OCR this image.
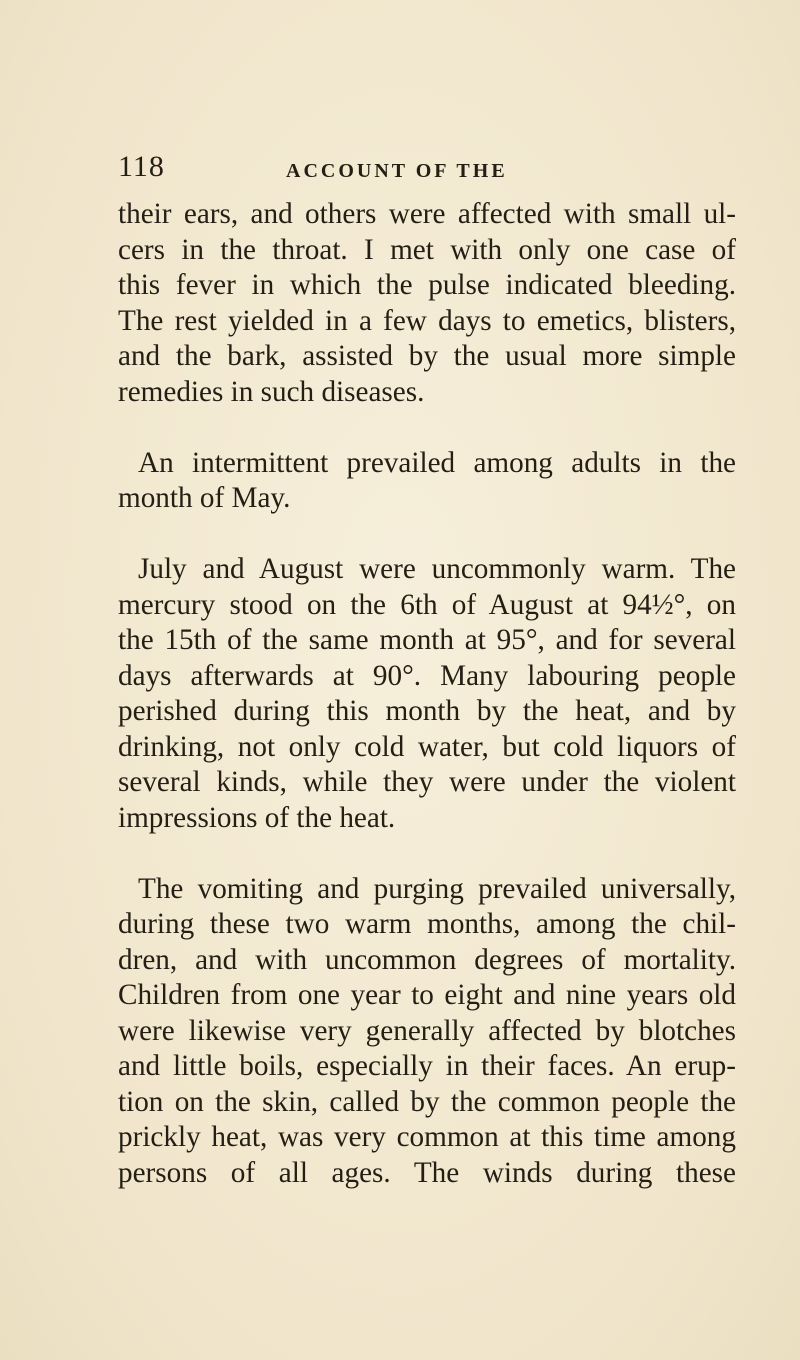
118	ACCOUNT OF THE
their ears, and others were affected with small ul-
cers in the throat. I met with only one case of
this fever in which the pulse indicated bleeding.
The rest yielded in a few days to emetics, blisters,
and the bark, assisted by the usual more simple
remedies in such diseases.
An intermittent prevailed among adults in the
month of May.
July and August were uncommonly warm. The
mercury stood on the 6th of August at 94½°, on
the 15th of the same month at 95°, and for several
days afterwards at 90°. Many labouring people
perished during this month by the heat, and by
drinking, not only cold water, but cold liquors of
several kinds, while they were under the violent
impressions of the heat.
The vomiting and purging prevailed universally,
during these two warm months, among the chil-
dren, and with uncommon degrees of mortality.
Children from one year to eight and nine years old
were likewise very generally affected by blotches
and little boils, especially in their faces. An erup-
tion on the skin, called by the common people the
prickly heat, was very common at this time among
persons of all ages. The winds during these
